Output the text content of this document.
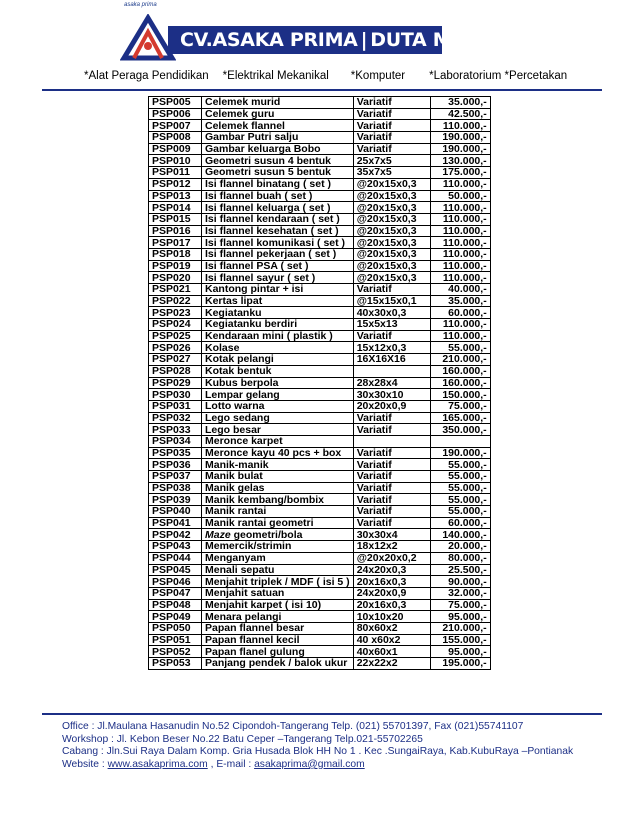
asaka prima
CV.ASAKA PRIMA | DUTA MEDIA GROUP
*Alat Peraga Pendidikan *Elektrikal Mekanikal *Komputer *Laboratorium *Percetakan
PSP005	Celemek murid	Variatif	35.000,-
PSP006	Celemek guru	Variatif	42.500,-
PSP007	Celemek flannel	Variatif	110.000,-
PSP008	Gambar Putri salju	Variatif	190.000,-
PSP009	Gambar keluarga Bobo	Variatif	190.000,-
PSP010	Geometri susun 4 bentuk	25x7x5	130.000,-
PSP011	Geometri susun 5 bentuk	35x7x5	175.000,-
PSP012	Isi flannel binatang ( set )	@20x15x0,3	110.000,-
PSP013	Isi flannel buah ( set )	@20x15x0,3	50.000,-
PSP014	Isi flannel keluarga ( set )	@20x15x0,3	110.000,-
PSP015	Isi flannel kendaraan ( set )	@20x15x0,3	110.000,-
PSP016	Isi flannel kesehatan ( set )	@20x15x0,3	110.000,-
PSP017	Isi flannel komunikasi ( set )	@20x15x0,3	110.000,-
PSP018	Isi flannel pekerjaan ( set )	@20x15x0,3	110.000,-
PSP019	Isi flannel PSA ( set )	@20x15x0,3	110.000,-
PSP020	Isi flannel sayur ( set )	@20x15x0,3	110.000,-
PSP021	Kantong pintar + isi	Variatif	40.000,-
PSP022	Kertas lipat	@15x15x0,1	35.000,-
PSP023	Kegiatanku	40x30x0,3	60.000,-
PSP024	Kegiatanku berdiri	15x5x13	110.000,-
PSP025	Kendaraan mini ( plastik )	Variatif	110.000,-
PSP026	Kolase	15x12x0,3	55.000,-
PSP027	Kotak pelangi	16X16X16	210.000,-
PSP028	Kotak bentuk		160.000,-
PSP029	Kubus berpola	28x28x4	160.000,-
PSP030	Lempar gelang	30x30x10	150.000,-
PSP031	Lotto warna	20x20x0,9	75.000,-
PSP032	Lego sedang	Variatif	165.000,-
PSP033	Lego besar	Variatif	350.000,-
PSP034	Meronce karpet		
PSP035	Meronce kayu 40 pcs + box	Variatif	190.000,-
PSP036	Manik-manik	Variatif	55.000,-
PSP037	Manik bulat	Variatif	55.000,-
PSP038	Manik gelas	Variatif	55.000,-
PSP039	Manik kembang/bombix	Variatif	55.000,-
PSP040	Manik rantai	Variatif	55.000,-
PSP041	Manik rantai geometri	Variatif	60.000,-
PSP042	Maze geometri/bola	30x30x4	140.000,-
PSP043	Memercik/strimin	18x12x2	20.000,-
PSP044	Menganyam	@20x20x0,2	80.000,-
PSP045	Menali sepatu	24x20x0,3	25.500,-
PSP046	Menjahit triplek / MDF ( isi 5 )	20x16x0,3	90.000,-
PSP047	Menjahit satuan	24x20x0,9	32.000,-
PSP048	Menjahit karpet ( isi 10)	20x16x0,3	75.000,-
PSP049	Menara pelangi	10x10x20	95.000,-
PSP050	Papan flannel besar	80x60x2	210.000,-
PSP051	Papan flannel kecil	40 x60x2	155.000,-
PSP052	Papan flanel gulung	40x60x1	95.000,-
PSP053	Panjang pendek / balok ukur	22x22x2	195.000,-
Office : Jl.Maulana Hasanudin No.52 Cipondoh-Tangerang Telp. (021) 55701397, Fax (021)55741107
Workshop : Jl. Kebon Beser No.22 Batu Ceper –Tangerang Telp.021-55702265
Cabang : Jln.Sui Raya Dalam Komp. Gria Husada Blok HH No 1 . Kec .SungaiRaya, Kab.KubuRaya –Pontianak
Website : www.asakaprima.com , E-mail : asakaprima@gmail.com
